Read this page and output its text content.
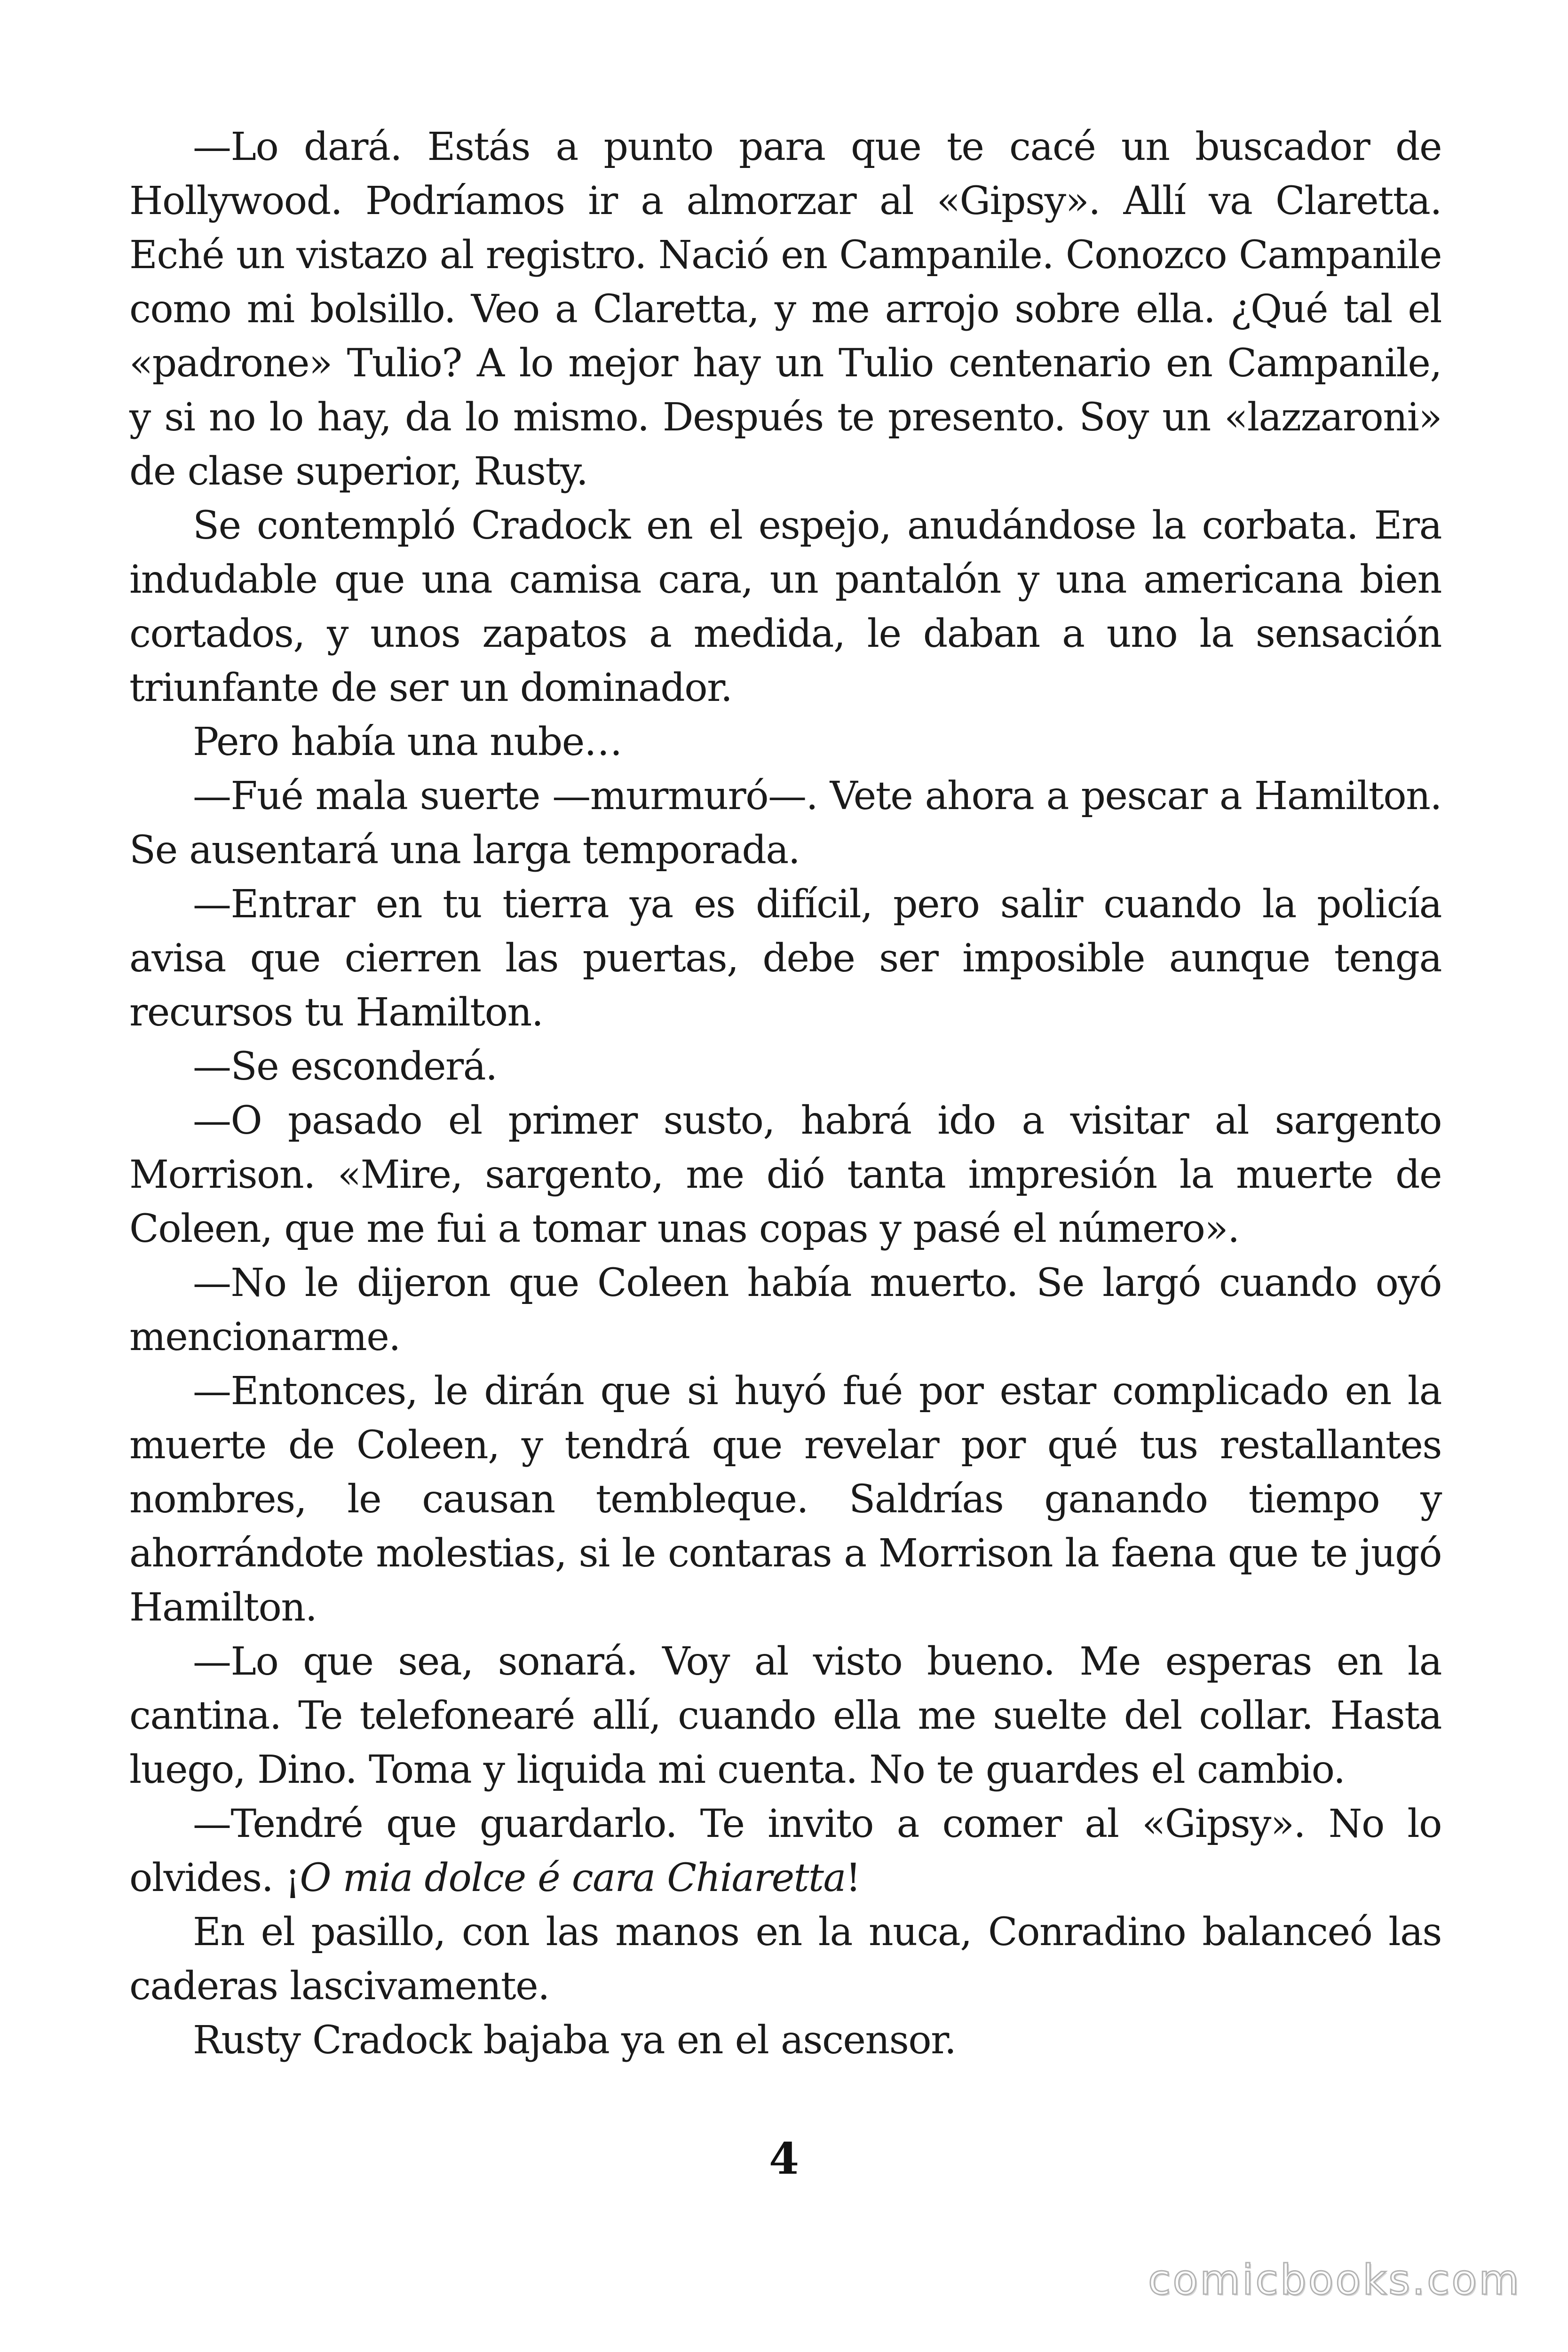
—Lo dará. Estás a punto para que te cacé un buscador de Hollywood. Podríamos ir a almorzar al «Gipsy». Allí va Claretta. Eché un vistazo al registro. Nació en Campanile. Conozco Campanile como mi bolsillo. Veo a Claretta, y me arrojo sobre ella. ¿Qué tal el «padrone» Tulio? A lo mejor hay un Tulio centenario en Campanile, y si no lo hay, da lo mismo. Después te presento. Soy un «lazzaroni» de clase superior, Rusty.

Se contempló Cradock en el espejo, anudándose la corbata. Era indudable que una camisa cara, un pantalón y una americana bien cortados, y unos zapatos a medida, le daban a uno la sensación triunfante de ser un dominador.

Pero había una nube…

—Fué mala suerte —murmuró—. Vete ahora a pescar a Hamilton. Se ausentará una larga temporada.

—Entrar en tu tierra ya es difícil, pero salir cuando la policía avisa que cierren las puertas, debe ser imposible aunque tenga recursos tu Hamilton.

—Se esconderá.

—O pasado el primer susto, habrá ido a visitar al sargento Morrison. «Mire, sargento, me dió tanta impresión la muerte de Coleen, que me fui a tomar unas copas y pasé el número».

—No le dijeron que Coleen había muerto. Se largó cuando oyó mencionarme.

—Entonces, le dirán que si huyó fué por estar complicado en la muerte de Coleen, y tendrá que revelar por qué tus restallantes nombres, le causan tembleque. Saldrías ganando tiempo y ahorrándote molestias, si le contaras a Morrison la faena que te jugó Hamilton.

—Lo que sea, sonará. Voy al visto bueno. Me esperas en la cantina. Te telefonearé allí, cuando ella me suelte del collar. Hasta luego, Dino. Toma y liquida mi cuenta. No te guardes el cambio.

—Tendré que guardarlo. Te invito a comer al «Gipsy». No lo olvides. ¡O mia dolce é cara Chiaretta!

En el pasillo, con las manos en la nuca, Conradino balanceó las caderas lascivamente.

Rusty Cradock bajaba ya en el ascensor.

4
comicbooks.com
